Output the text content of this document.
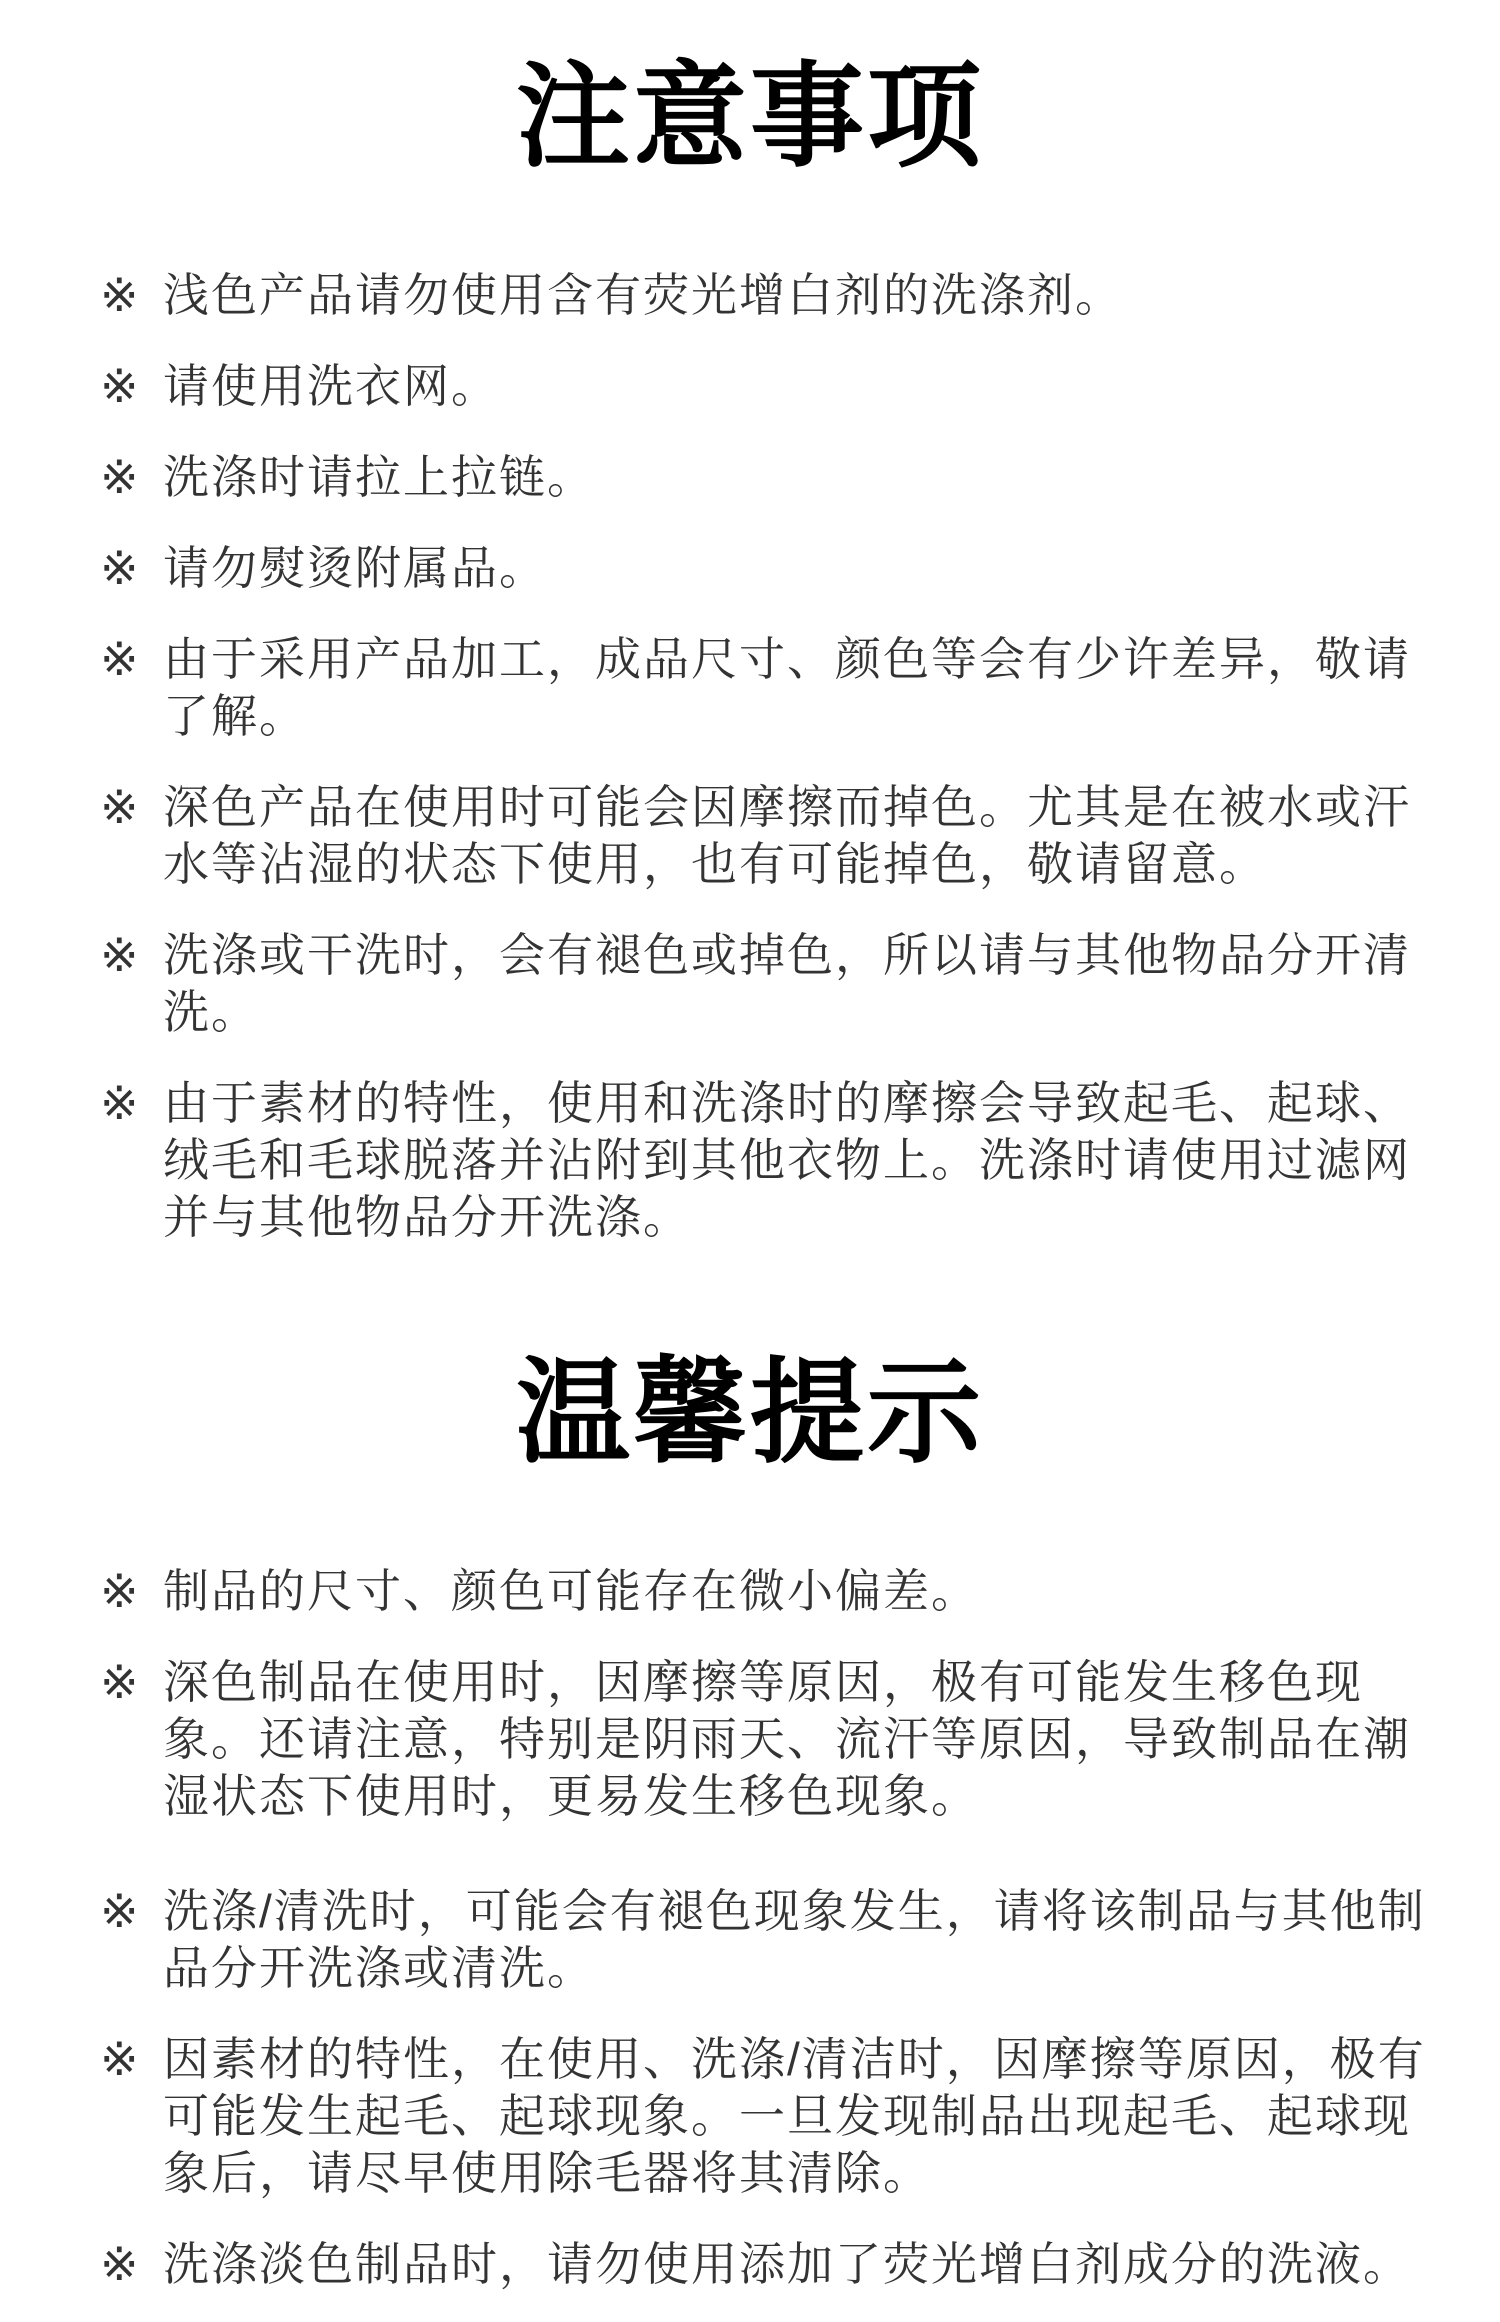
注意事项
※ 浅色产品请勿使用含有荧光增白剂的洗涤剂。

※ 请使用洗衣网。

※ 洗涤时请拉上拉链。

※ 请勿熨烫附属品。

※ 由于采用产品加工，成品尺寸、颜色等会有少许差异，敬请了解。

※ 深色产品在使用时可能会因摩擦而掉色。尤其是在被水或汗水等沾湿的状态下使用，也有可能掉色，敬请留意。

※ 洗涤或干洗时，会有褪色或掉色，所以请与其他物品分开清洗。

※ 由于素材的特性，使用和洗涤时的摩擦会导致起毛、起球、绒毛和毛球脱落并沾附到其他衣物上。洗涤时请使用过滤网并与其他物品分开洗涤。

温馨提示
※ 制品的尺寸、颜色可能存在微小偏差。

※ 深色制品在使用时，因摩擦等原因，极有可能发生移色现象。还请注意，特别是阴雨天、流汗等原因，导致制品在潮湿状态下使用时，更易发生移色现象。

※ 洗涤/清洗时，可能会有褪色现象发生，请将该制品与其他制品分开洗涤或清洗。

※ 因素材的特性，在使用、洗涤/清洁时，因摩擦等原因，极有可能发生起毛、起球现象。一旦发现制品出现起毛、起球现象后，请尽早使用除毛器将其清除。

※ 洗涤淡色制品时，请勿使用添加了荧光增白剂成分的洗液。
